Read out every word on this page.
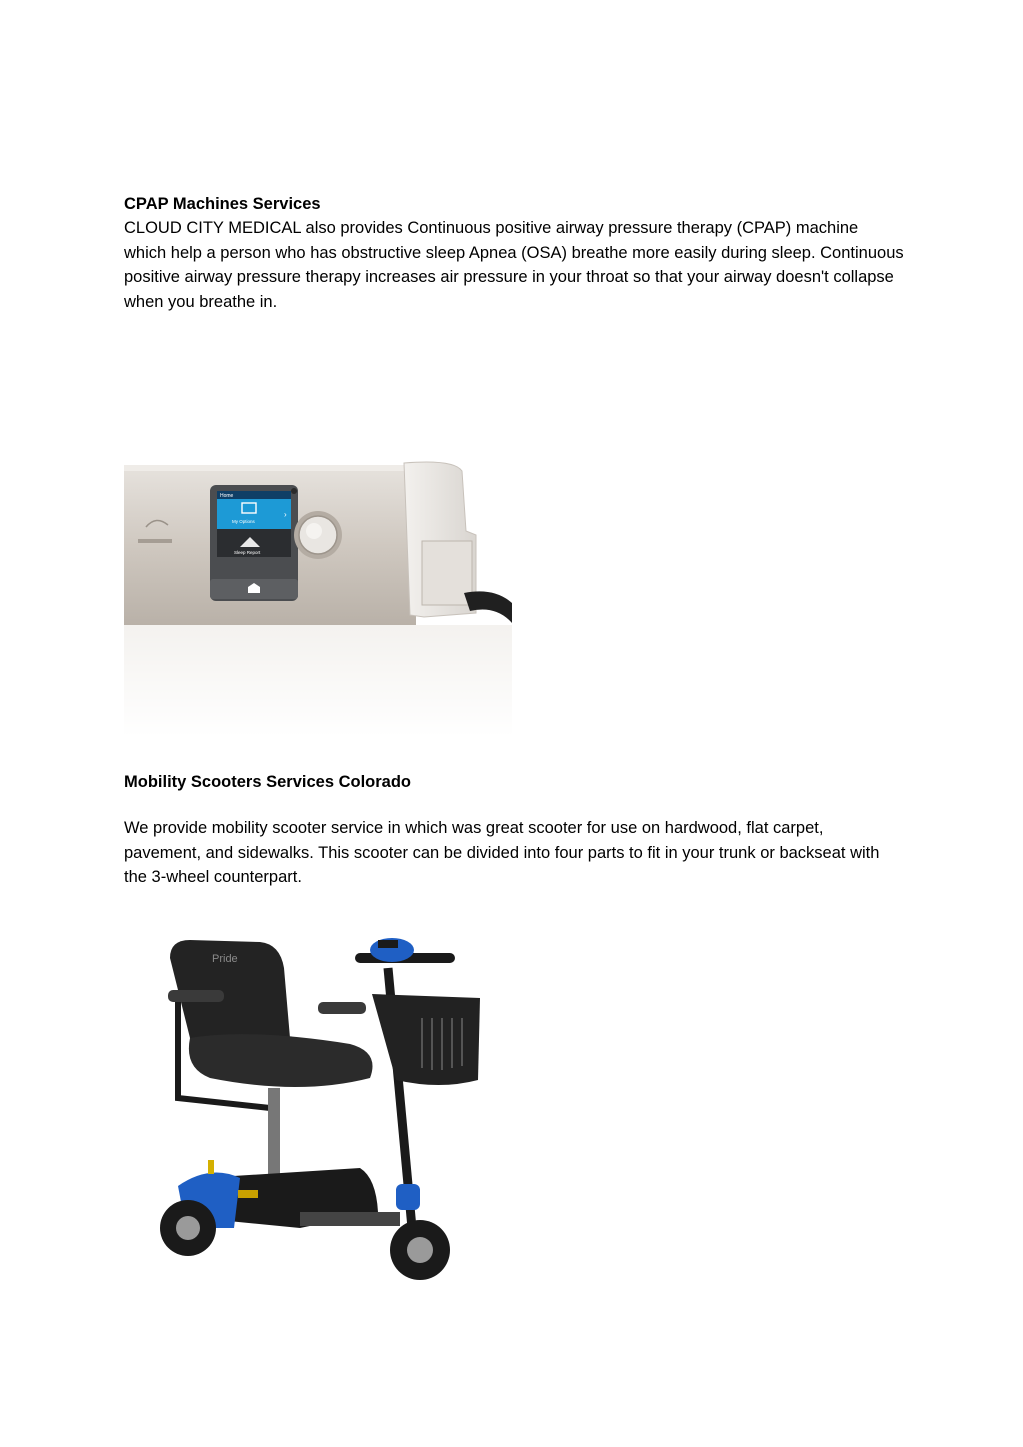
CPAP Machines Services
CLOUD CITY MEDICAL also provides Continuous positive airway pressure therapy (CPAP) machine which help a person who has obstructive sleep Apnea (OSA) breathe more easily during sleep. Continuous positive airway pressure therapy increases air pressure in your throat so that your airway doesn't collapse when you breathe in.
Home
My Options
›
Sleep Report
Mobility Scooters Services Colorado
We provide mobility scooter service in which was great scooter for use on hardwood, flat carpet, pavement, and sidewalks. This scooter can be divided into four parts to fit in your trunk or backseat with the 3-wheel counterpart.
Pride
